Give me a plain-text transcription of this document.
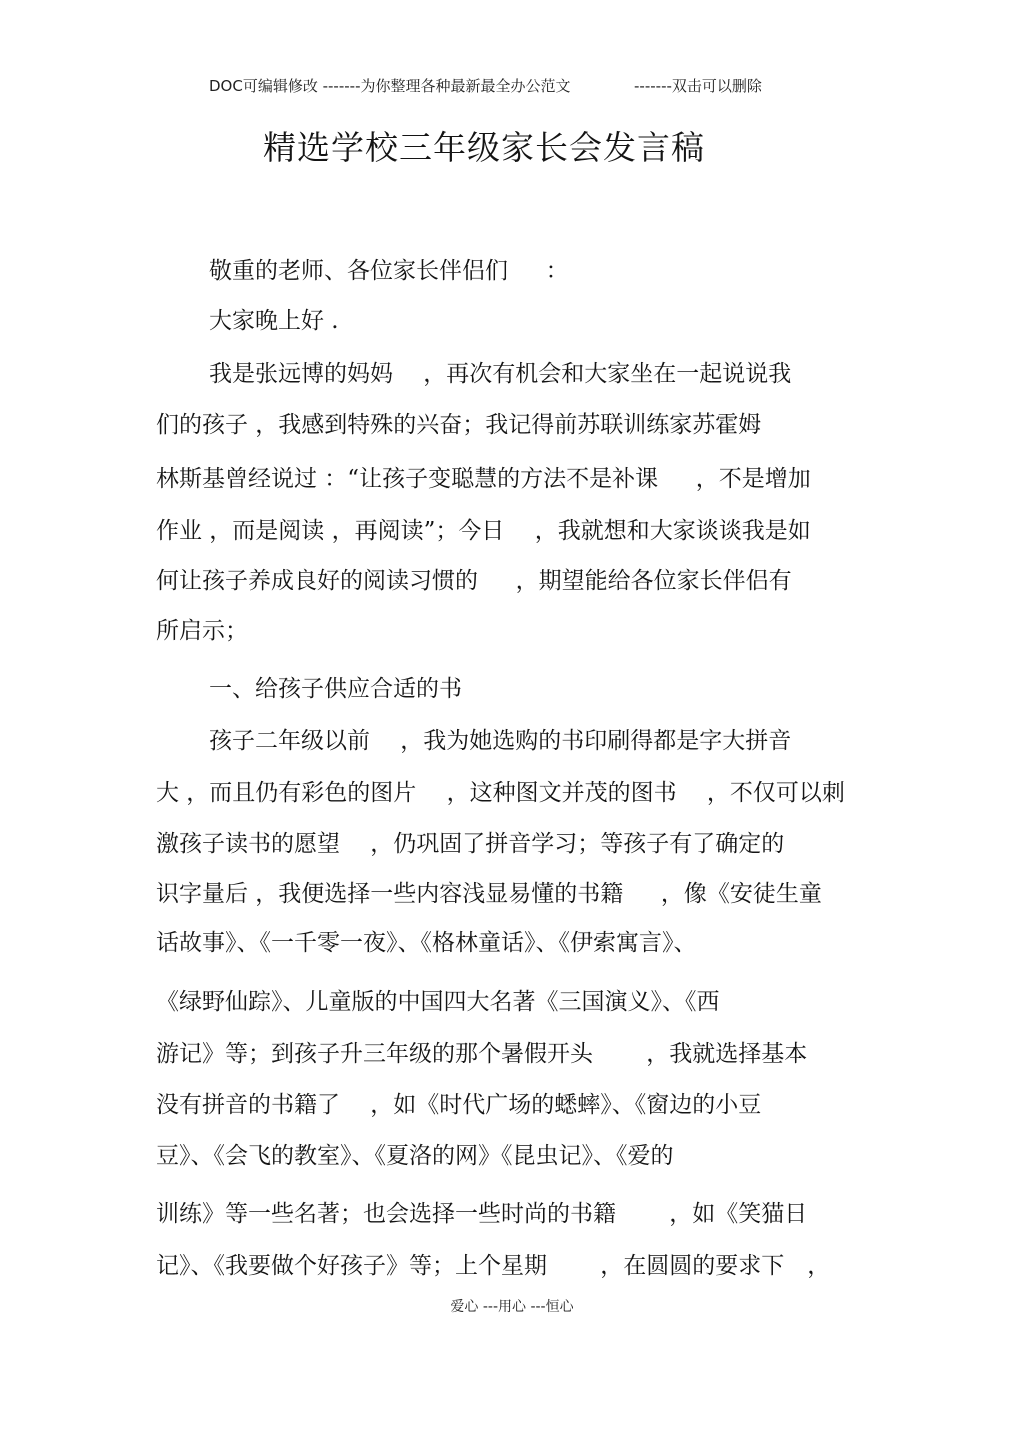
DOC可编辑修改 -------为你整理各种最新最全办公范文

	-------双击可以删除

精选学校三年级家长会发言稿
敬重的老师、各位家长伴侣们　  ：
大家晚上好 .
我是张远博的妈妈　 ，再次有机会和大家坐在一起说说我
们的孩子 ，我感到特殊的兴奋；我记得前苏联训练家苏霍姆
林斯基曾经说过 ：“让孩子变聪慧的方法不是补课　  ，不是增加
作业 ，而是阅读 ，再阅读”；今日　 ，我就想和大家谈谈我是如
何让孩子养成良好的阅读习惯的　  ，期望能给各位家长伴侣有
所启示；
一、给孩子供应合适的书
孩子二年级以前　 ，我为她选购的书印刷得都是字大拼音
大 ，而且仍有彩色的图片　 ，这种图文并茂的图书　 ，不仅可以刺
激孩子读书的愿望　 ，仍巩固了拼音学习；等孩子有了确定的
识字量后 ，我便选择一些内容浅显易懂的书籍　  ，像《安徒生童
话故事》、《一千零一夜》、《格林童话》、《伊索寓言》、
《绿野仙踪》、儿童版的中国四大名著《三国演义》、《西
游记》等；到孩子升三年级的那个暑假开头　　 ，我就选择基本
没有拼音的书籍了　 ，如《时代广场的蟋蟀》、《窗边的小豆
豆》、《会飞的教室》、《夏洛的网》《昆虫记》、《爱的
训练》等一些名著；也会选择一些时尚的书籍　　 ，如《笑猫日
记》、《我要做个好孩子》等；上个星期　　 ，在圆圆的要求下　，
爱心 ---用心 ---恒心
